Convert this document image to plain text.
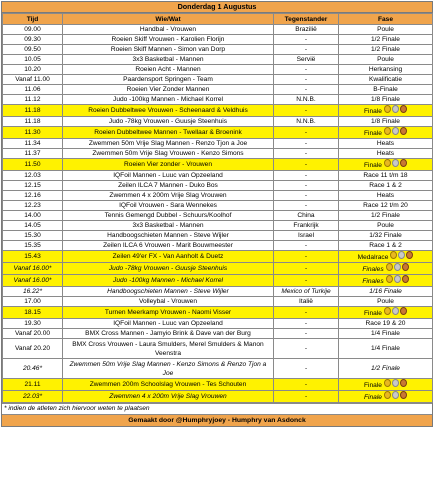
Donderdag 1 Augustus
Tijd	Wie/Wat	Tegenstander	Fase
09.00	Handbal - Vrouwen	Brazilië	Poule
09.30	Roeien Skiff Vrouwen - Karolien Florijn	-	1/2 Finale
09.50	Roeien Skiff Mannen - Simon van Dorp	-	1/2 Finale
10.05	3x3 Basketbal - Mannen	Servië	Poule
10.20	Roeien Acht - Mannen	-	Herkansing
Vanaf 11.00	Paardensport Springen - Team	-	Kwalificatie
11.06	Roeien Vier Zonder Mannen	-	B-Finale
11.12	Judo -100kg Mannen - Michael Korrel	N.N.B.	1/8 Finale
11.18	Roeien Dubbeltwee Vrouwen - Scheenaard & Veldhuis	-	Finale

11.18	Judo -78kg Vrouwen - Guusje Steenhuis	N.N.B.	1/8 Finale
11.30	Roeien Dubbeltwee Mannen - Twellaar & Broenink	-	Finale

11.34	Zwemmen 50m Vrije Slag Mannen - Renzo Tjon a Joe	-	Heats
11.37	Zwemmen 50m Vrije Slag Vrouwen - Kenzo Simons	-	Heats
11.50	Roeien Vier zonder - Vrouwen	-	Finale

12.03	IQFoil Mannen - Luuc van Opzeeland	-	Race 11 t/m 18
12.15	Zeilen ILCA 7 Mannen - Duko Bos	-	Race 1 & 2
12.16	Zwemmen 4 x 200m Vrije Slag Vrouwen	-	Heats
12.23	IQFoil Vrouwen - Sara Wennekes	-	Race 12 t/m 20
14.00	Tennis Gemengd Dubbel - Schuurs/Koolhof	China	1/2 Finale
14.05	3x3 Basketbal - Mannen	Frankrijk	Poule
15.30	Handboogschieten Mannen - Steve Wijler	Israel	1/32 Finale
15.35	Zeilen ILCA 6 Vrouwen - Marit Bouwmeester	-	Race 1 & 2
15.43	Zeilen 49'er FX - Van Aanholt & Duetz	-	Medalrace

Vanaf 16.00*	Judo -78kg Vrouwen - Guusje Steenhuis	-	Finales

Vanaf 16.00*	Judo -100kg Mannen - Michael Korrel	-	Finales

16.22*	Handboogschieten Mannen - Steve Wijler	Mexico of Turkije	1/16 Finale
17.00	Volleybal - Vrouwen	Italië	Poule
18.15	Turnen Meerkamp Vrouwen - Naomi Visser	-	Finale

19.30	IQFoil Mannen - Luuc van Opzeeland	-	Race 19 & 20
Vanaf 20.00	BMX Cross Mannen - Jamyio Brink & Dave van der Burg	-	1/4 Finale
Vanaf 20.20	BMX Cross Vrouwen - Laura Smulders, Merel Smulders & Manon Veenstra	-	1/4 Finale
20.46*	Zwemmen 50m Vrije Slag Mannen - Kenzo Simons & Renzo Tjon a Joe	-	1/2 Finale
21.11	Zwemmen 200m Schoolslag Vrouwen - Tes Schouten	-	Finale

22.03*	Zwemmen 4 x 200m Vrije Slag Vrouwen	-	Finale
* indien de atleten zich hiervoor weten te plaatsen
Gemaakt door @Humphryjoey - Humphry van Asdonck
